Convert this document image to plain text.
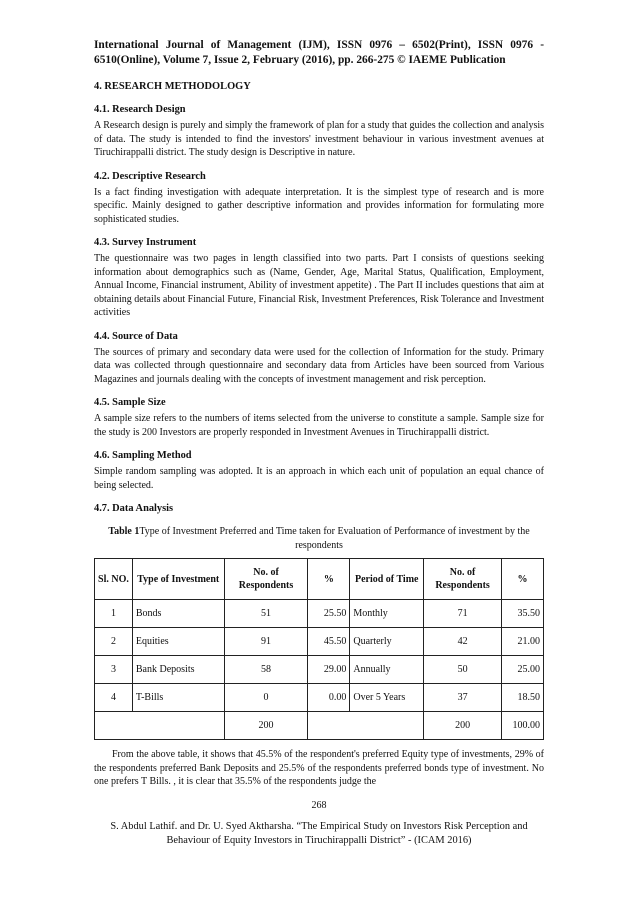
International Journal of Management (IJM), ISSN 0976 – 6502(Print), ISSN 0976 - 6510(Online), Volume 7, Issue 2, February (2016), pp. 266-275 © IAEME Publication
4. RESEARCH METHODOLOGY
4.1. Research Design

A Research design is purely and simply the framework of plan for a study that guides the collection and analysis of data. The study is intended to find the investors' investment behaviour in various investment avenues at Tiruchirappalli district. The study design is Descriptive in nature.

4.2. Descriptive Research

Is a fact finding investigation with adequate interpretation. It is the simplest type of research and is more specific. Mainly designed to gather descriptive information and provides information for formulating more sophisticated studies.

4.3. Survey Instrument

The questionnaire was two pages in length classified into two parts. Part I consists of questions seeking information about demographics such as (Name, Gender, Age, Marital Status, Qualification, Employment, Annual Income, Financial instrument, Ability of investment appetite) . The Part II includes questions that aim at obtaining details about Financial Future, Financial Risk, Investment Preferences, Risk Tolerance and Investment activities

4.4. Source of Data

The sources of primary and secondary data were used for the collection of Information for the study. Primary data was collected through questionnaire and secondary data from Articles have been sourced from Various Magazines and journals dealing with the concepts of investment management and risk perception.

4.5. Sample Size

A sample size refers to the numbers of items selected from the universe to constitute a sample. Sample size for the study is 200 Investors are properly responded in Investment Avenues in Tiruchirappalli district.

4.6. Sampling Method

Simple random sampling was adopted. It is an approach in which each unit of population an equal chance of being selected.

4.7. Data Analysis

Table 1Type of Investment Preferred and Time taken for Evaluation of Performance of investment by the respondents

Sl. NO.	Type of Investment	No. of Respondents	%	Period of Time	No. of Respondents	%
1	Bonds	51	25.50	Monthly	71	35.50
2	Equities	91	45.50	Quarterly	42	21.00
3	Bank Deposits	58	29.00	Annually	50	25.00
4	T-Bills	0	0.00	Over 5 Years	37	18.50
		200			200	100.00

From the above table, it shows that 45.5% of the respondent's preferred Equity type of investments, 29% of the respondents preferred Bank Deposits and 25.5% of the respondents preferred bonds type of investment. No one prefers T Bills. , it is clear that 35.5% of the respondents judge the

268
S. Abdul Lathif. and Dr. U. Syed Aktharsha. “The Empirical Study on Investors Risk Perception and Behaviour of Equity Investors in Tiruchirappalli District” - (ICAM 2016)
